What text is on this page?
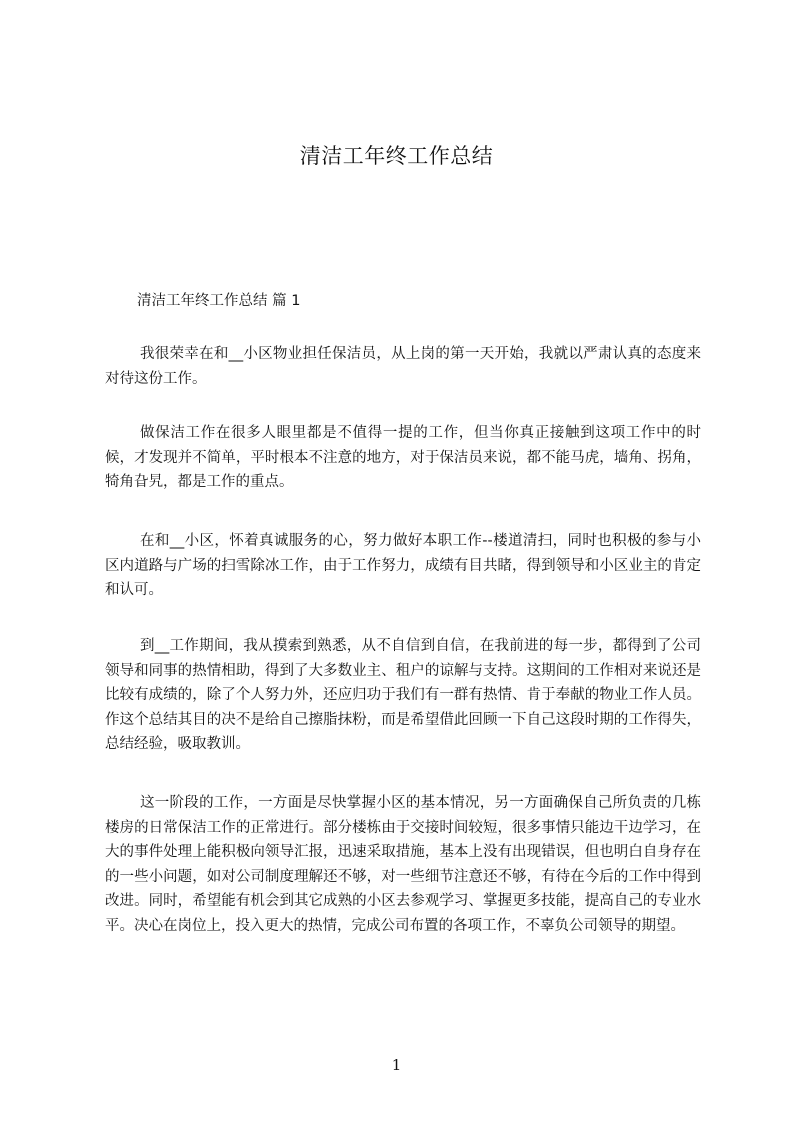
清洁工年终工作总结
清洁工年终工作总结 篇 1

我很荣幸在和__小区物业担任保洁员，从上岗的第一天开始，我就以严肃认真的态度来对待这份工作。

做保洁工作在很多人眼里都是不值得一提的工作，但当你真正接触到这项工作中的时候，才发现并不简单，平时根本不注意的地方，对于保洁员来说，都不能马虎，墙角、拐角，犄角旮旯，都是工作的重点。

在和__小区，怀着真诚服务的心，努力做好本职工作--楼道清扫，同时也积极的参与小区内道路与广场的扫雪除冰工作，由于工作努力，成绩有目共睹，得到领导和小区业主的肯定和认可。

到__工作期间，我从摸索到熟悉，从不自信到自信，在我前进的每一步，都得到了公司领导和同事的热情相助，得到了大多数业主、租户的谅解与支持。这期间的工作相对来说还是比较有成绩的，除了个人努力外，还应归功于我们有一群有热情、肯于奉献的物业工作人员。作这个总结其目的决不是给自己擦脂抹粉，而是希望借此回顾一下自己这段时期的工作得失，总结经验，吸取教训。

这一阶段的工作，一方面是尽快掌握小区的基本情况，另一方面确保自己所负责的几栋楼房的日常保洁工作的正常进行。部分楼栋由于交接时间较短，很多事情只能边干边学习，在大的事件处理上能积极向领导汇报，迅速采取措施，基本上没有出现错误，但也明白自身存在的一些小问题，如对公司制度理解还不够，对一些细节注意还不够，有待在今后的工作中得到改进。同时，希望能有机会到其它成熟的小区去参观学习、掌握更多技能，提高自己的专业水平。决心在岗位上，投入更大的热情，完成公司布置的各项工作，不辜负公司领导的期望。

1
